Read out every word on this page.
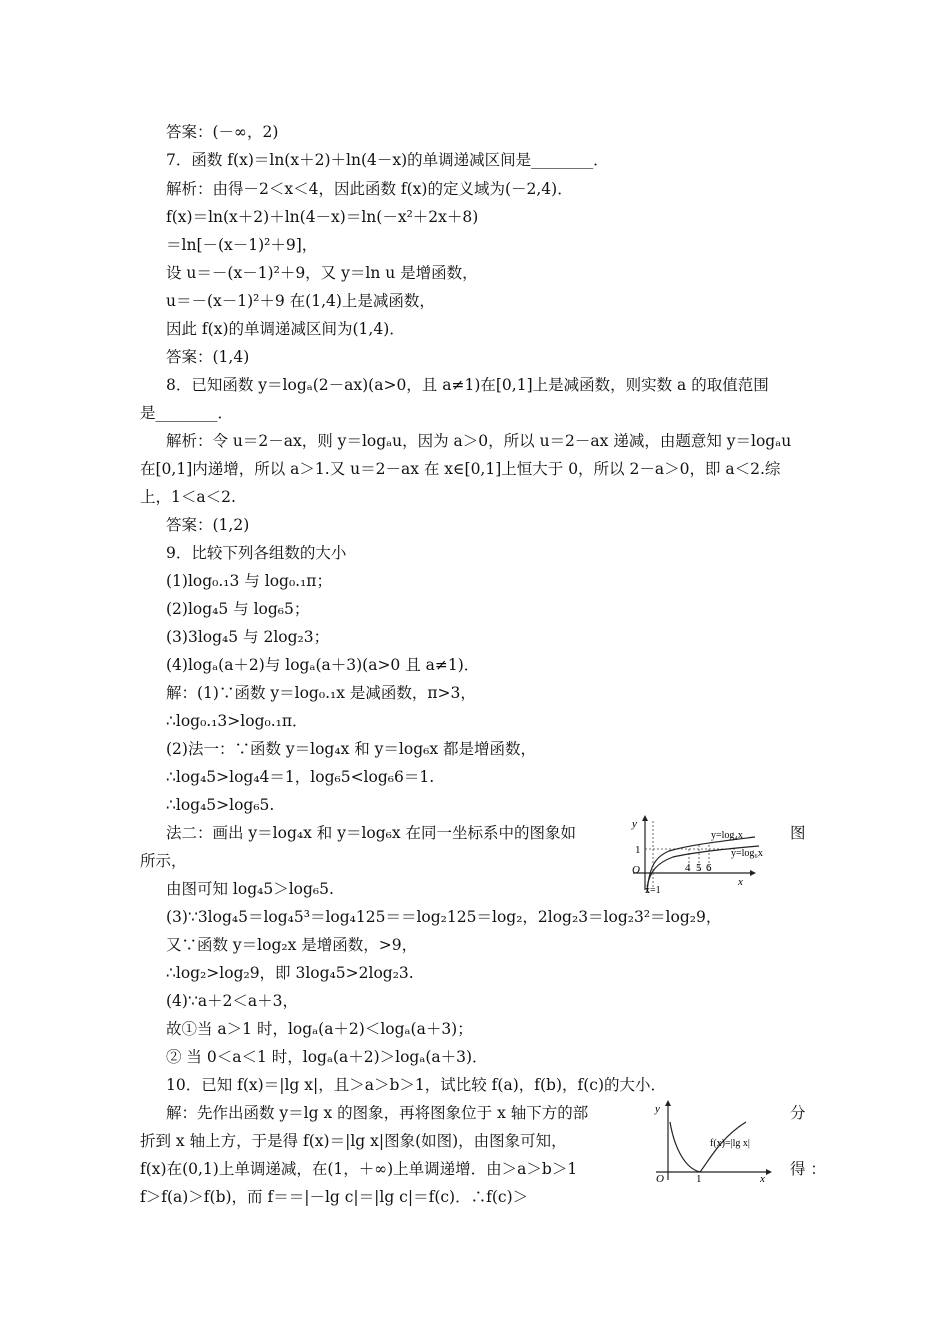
答案：(－∞，2)
7．函数 f(x)＝ln(x＋2)＋ln(4－x)的单调递减区间是________．
解析：由得－2＜x＜4，因此函数 f(x)的定义域为(－2,4)．
f(x)＝ln(x＋2)＋ln(4－x)＝ln(－x²＋2x＋8)
＝ln[－(x－1)²＋9]，
设 u＝－(x－1)²＋9，又 y＝ln u 是增函数，
u＝－(x－1)²＋9 在(1,4)上是减函数，
因此 f(x)的单调递减区间为(1,4)．
答案：(1,4)
8．已知函数 y＝logₐ(2－ax)(a>0，且 a≠1)在[0,1]上是减函数，则实数 a 的取值范围
是________．
解析：令 u＝2－ax，则 y＝logₐu，因为 a＞0，所以 u＝2－ax 递减，由题意知 y＝logₐu
在[0,1]内递增，所以 a＞1.又 u＝2－ax 在 x∈[0,1]上恒大于 0，所以 2－a＞0，即 a＜2.综
上，1＜a＜2.
答案：(1,2)
9．比较下列各组数的大小
(1)log₀.₁3 与 log₀.₁π；
(2)log₄5 与 log₆5；
(3)3log₄5 与 2log₂3；
(4)logₐ(a＋2)与 logₐ(a＋3)(a>0 且 a≠1)．
解：(1)∵函数 y＝log₀.₁x 是减函数，π>3，
∴log₀.₁3>log₀.₁π．
(2)法一：∵函数 y＝log₄x 和 y＝log₆x 都是增函数，
∴log₄5>log₄4＝1，log₆5<log₆6＝1.
∴log₄5>log₆5.
法二：画出 y＝log₄x 和 y＝log₆x 在同一坐标系中的图象如
所示，
由图可知 log₄5＞log₆5.
(3)∵3log₄5＝log₄5³＝log₄125＝＝log₂125＝log₂，2log₂3＝log₂3²＝log₂9，
又∵函数 y＝log₂x 是增函数，>9，
∴log₂>log₂9，即 3log₄5>2log₂3.
(4)∵a＋2＜a＋3，
故①当 a＞1 时，logₐ(a＋2)＜logₐ(a＋3)；
② 当 0＜a＜1 时，logₐ(a＋2)＞logₐ(a＋3)．
10．已知 f(x)＝|lg x|，且＞a＞b＞1，试比较 f(a)，f(b)，f(c)的大小．
解：先作出函数 y＝lg x 的图象，再将图象位于 x 轴下方的部
折到 x 轴上方，于是得 f(x)＝|lg x|图象(如图)，由图象可知，
f(x)在(0,1)上单调递减，在(1，＋∞)上单调递增．由＞a＞b＞1
f＞f(a)＞f(b)，而 f＝＝|－lg c|＝|lg c|＝f(c)．∴f(c)＞
图
分
得 ：
y
x
O
1
4 5 6
x=1
y=log₄x
y=log₆x
y
x
O	1
f(x)=|lg x|
